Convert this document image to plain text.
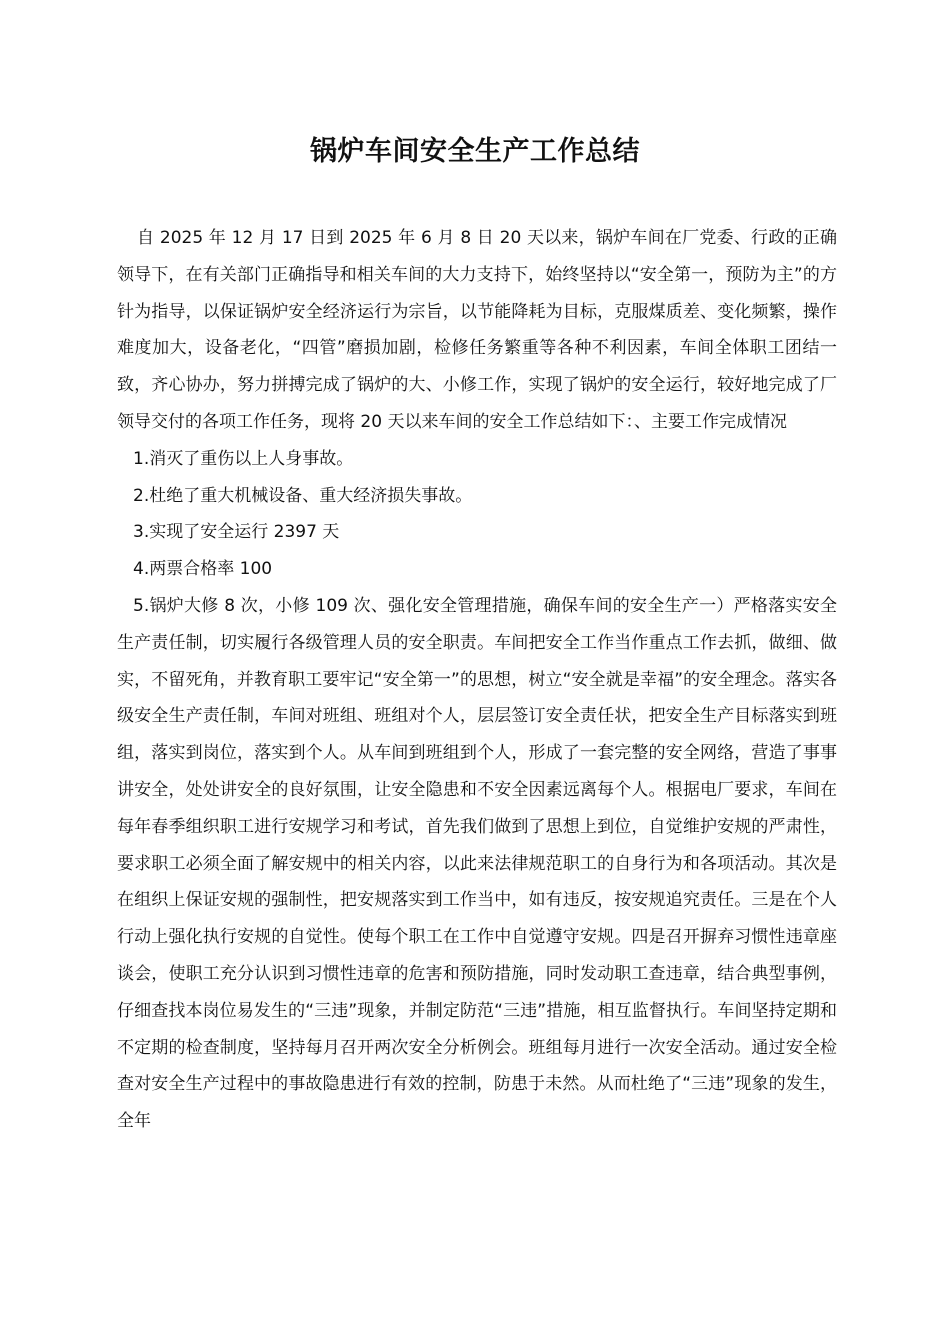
锅炉车间安全生产工作总结

自 2025 年 12 月 17 日到 2025 年 6 月 8 日 20 天以来，锅炉车间在厂党委、行政的正确领导下，在有关部门正确指导和相关车间的大力支持下，始终坚持以“安全第一，预防为主”的方针为指导，以保证锅炉安全经济运行为宗旨，以节能降耗为目标，克服煤质差、变化频繁，操作难度加大，设备老化，“四管”磨损加剧，检修任务繁重等各种不利因素，车间全体职工团结一致，齐心协办，努力拼搏完成了锅炉的大、小修工作，实现了锅炉的安全运行，较好地完成了厂领导交付的各项工作任务，现将 20 天以来车间的安全工作总结如下：、主要工作完成情况

1.消灭了重伤以上人身事故。

2.杜绝了重大机械设备、重大经济损失事故。

3.实现了安全运行 2397 天

4.两票合格率 100

5.锅炉大修 8 次，小修 109 次、强化安全管理措施，确保车间的安全生产一）严格落实安全生产责任制，切实履行各级管理人员的安全职责。车间把安全工作当作重点工作去抓，做细、做实，不留死角，并教育职工要牢记“安全第一”的思想，树立“安全就是幸福”的安全理念。落实各级安全生产责任制，车间对班组、班组对个人，层层签订安全责任状，把安全生产目标落实到班组，落实到岗位，落实到个人。从车间到班组到个人，形成了一套完整的安全网络，营造了事事讲安全，处处讲安全的良好氛围，让安全隐患和不安全因素远离每个人。根据电厂要求，车间在每年春季组织职工进行安规学习和考试，首先我们做到了思想上到位，自觉维护安规的严肃性，要求职工必须全面了解安规中的相关内容，以此来法律规范职工的自身行为和各项活动。其次是在组织上保证安规的强制性，把安规落实到工作当中，如有违反，按安规追究责任。三是在个人行动上强化执行安规的自觉性。使每个职工在工作中自觉遵守安规。四是召开摒弃习惯性违章座谈会，使职工充分认识到习惯性违章的危害和预防措施，同时发动职工查违章，结合典型事例，仔细查找本岗位易发生的“三违”现象，并制定防范“三违”措施，相互监督执行。车间坚持定期和不定期的检查制度，坚持每月召开两次安全分析例会。班组每月进行一次安全活动。通过安全检查对安全生产过程中的事故隐患进行有效的控制，防患于未然。从而杜绝了“三违”现象的发生，全年
